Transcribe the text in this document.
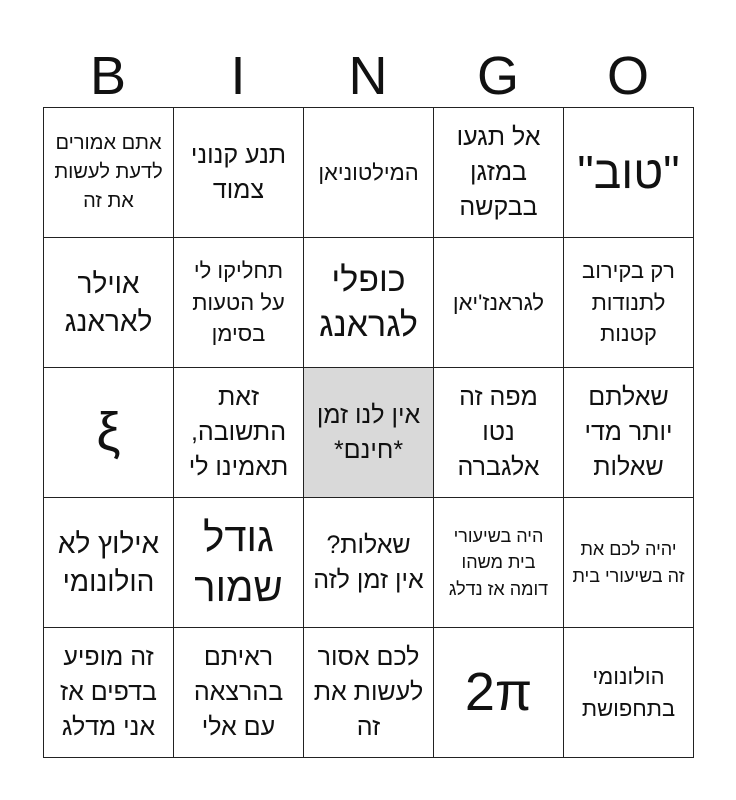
B	I	N	G	O
אתם אמורים לדעת לעשות את זה
תנע קנוני צמוד
המילטוניאן
אל תגעו במזגן בבקשה
"טוב"
אוילר לאראנג
תחליקו לי על הטעות בסימן
כופלי לגראנג
לגראנז'יאן
רק בקירוב לתנודות קטנות
ξ
זאת התשובה, תאמינו לי
אין לנו זמן *חינם*
מפה זה נטו אלגברה
שאלתם יותר מדי שאלות
אילוץ לא הולונומי
גודל שמור
שאלות? אין זמן לזה
היה בשיעורי בית משהו דומה אז נדלג
יהיה לכם את זה בשיעורי בית
זה מופיע בדפים אז אני מדלג
ראיתם בהרצאה עם אלי
לכם אסור לעשות את זה
2π	הולונומי בתחפושת
